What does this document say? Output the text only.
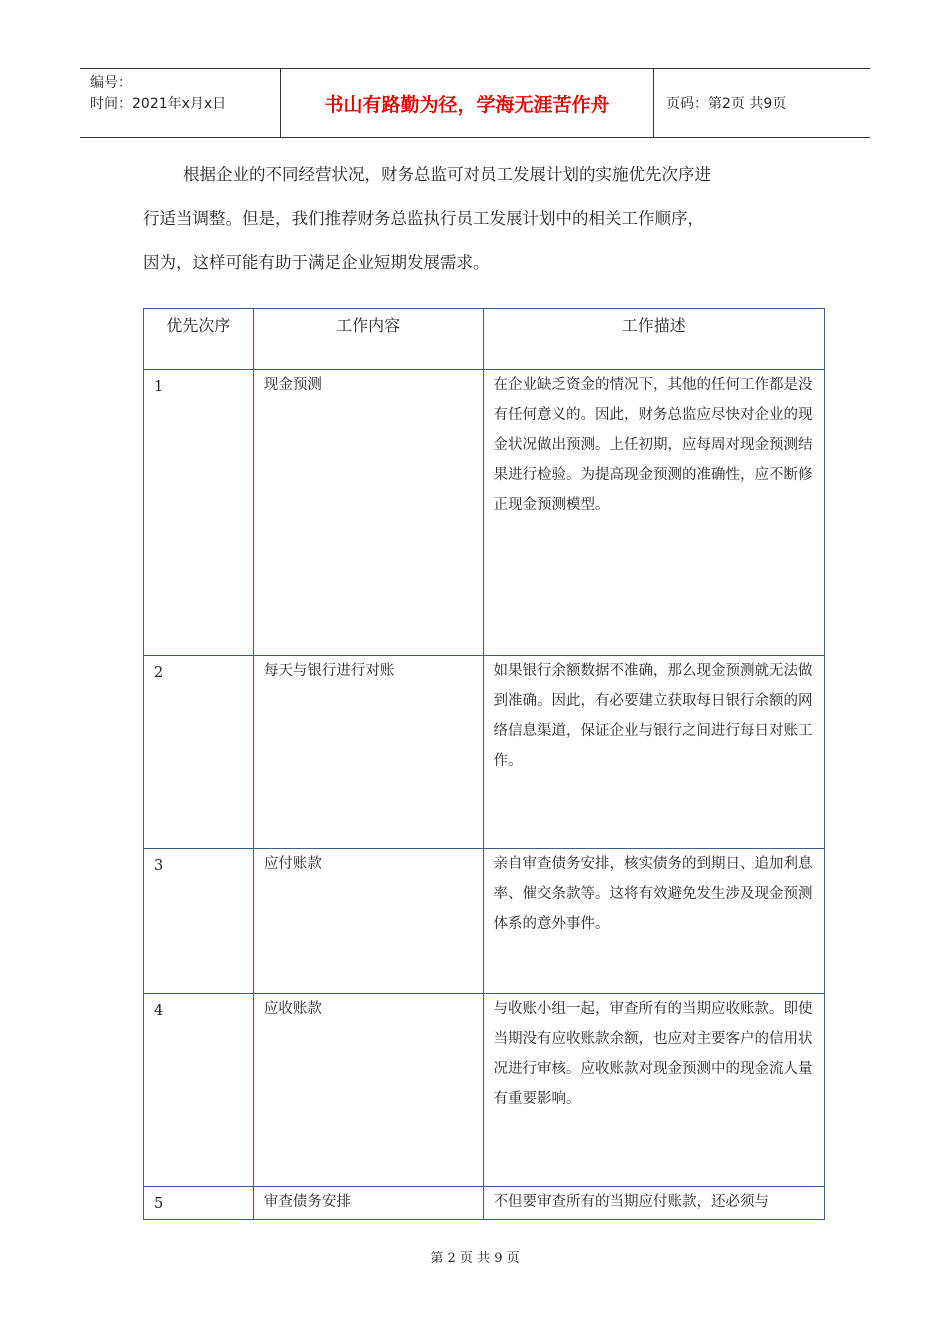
编号：
时间：2021年x月x日	书山有路勤为径，学海无涯苦作舟	页码：第2页 共9页

根据企业的不同经营状况，财务总监可对员工发展计划的实施优先次序进
行适当调整。但是，我们推荐财务总监执行员工发展计划中的相关工作顺序，
因为，这样可能有助于满足企业短期发展需求。

优先次序	工作内容	工作描述
1	现金预测	在企业缺乏资金的情况下，其他的任何工作都是没有任何意义的。因此，财务总监应尽快对企业的现金状况做出预测。上任初期，应每周对现金预测结果进行检验。为提高现金预测的准确性，应不断修正现金预测模型。
2	每天与银行进行对账	如果银行余额数据不准确，那么现金预测就无法做到准确。因此，有必要建立获取每日银行余额的网络信息渠道，保证企业与银行之间进行每日对账工作。
3	应付账款	亲自审查债务安排，核实债务的到期日、追加利息率、催交条款等。这将有效避免发生涉及现金预测体系的意外事件。
4	应收账款	与收账小组一起，审查所有的当期应收账款。即使当期没有应收账款余额，也应对主要客户的信用状况进行审核。应收账款对现金预测中的现金流人量有重要影响。
5	审查债务安排	不但要审查所有的当期应付账款，还必须与
第 2 页 共 9 页
